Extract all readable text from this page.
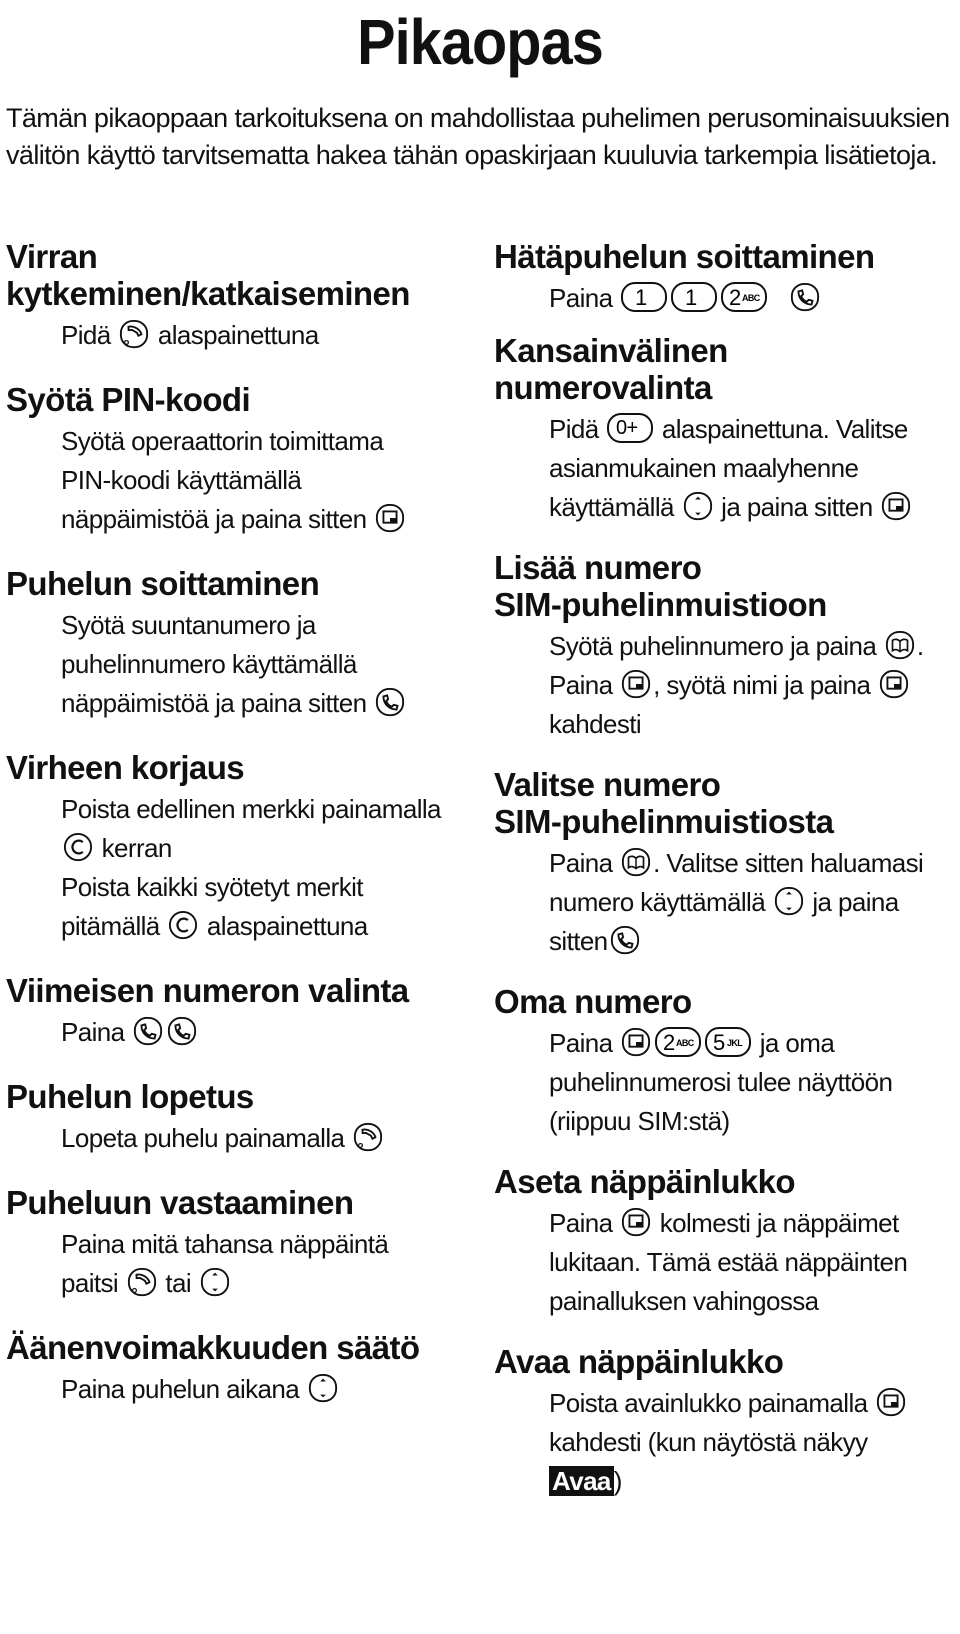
Pikaopas
Tämän pikaoppaan tarkoituksena on mahdollistaa puhelimen perusominaisuuksien
välitön käyttö tarvitsematta hakea tähän opaskirjaan kuuluvia tarkempia lisätietoja.
Virran
kytkeminen/katkaiseminen
Pidä alaspainettuna
Syötä PIN-koodi
Syötä operaattorin toimittama
PIN-koodi käyttämällä
näppäimistöä ja paina sitten
Puhelun soittaminen
Syötä suuntanumero ja
puhelinnumero käyttämällä
näppäimistöä ja paina sitten
Virheen korjaus
Poista edellinen merkki painamalla
kerran
Poista kaikki syötetyt merkit
pitämällä alaspainettuna
Viimeisen numeron valinta
Paina
Puhelun lopetus
Lopeta puhelu painamalla
Puheluun vastaaminen
Paina mitä tahansa näppäintä
paitsi tai
Äänenvoimakkuuden säätö
Paina puhelun aikana
Hätäpuhelun soittaminen
Paina 1 1 2 ABC

Kansainvälinen
numerovalinta
Pidä 0+ alaspainettuna. Valitse
asianmukainen maalyhenne
käyttämällä ja paina sitten
Lisää numero
SIM-puhelinmuistioon
Syötä puhelinnumero ja paina .
Paina , syötä nimi ja paina
kahdesti
Valitse numero
SIM-puhelinmuistiosta
Paina . Valitse sitten haluamasi
numero käyttämällä ja paina
sitten
Oma numero
Paina 2 ABC 5 JKL ja oma
puhelinnumerosi tulee näyttöön
(riippuu SIM:stä)
Aseta näppäinlukko
Paina kolmesti ja näppäimet
lukitaan. Tämä estää näppäinten
painalluksen vahingossa
Avaa näppäinlukko
Poista avainlukko painamalla
kahdesti (kun näytöstä näkyy
Avaa )
